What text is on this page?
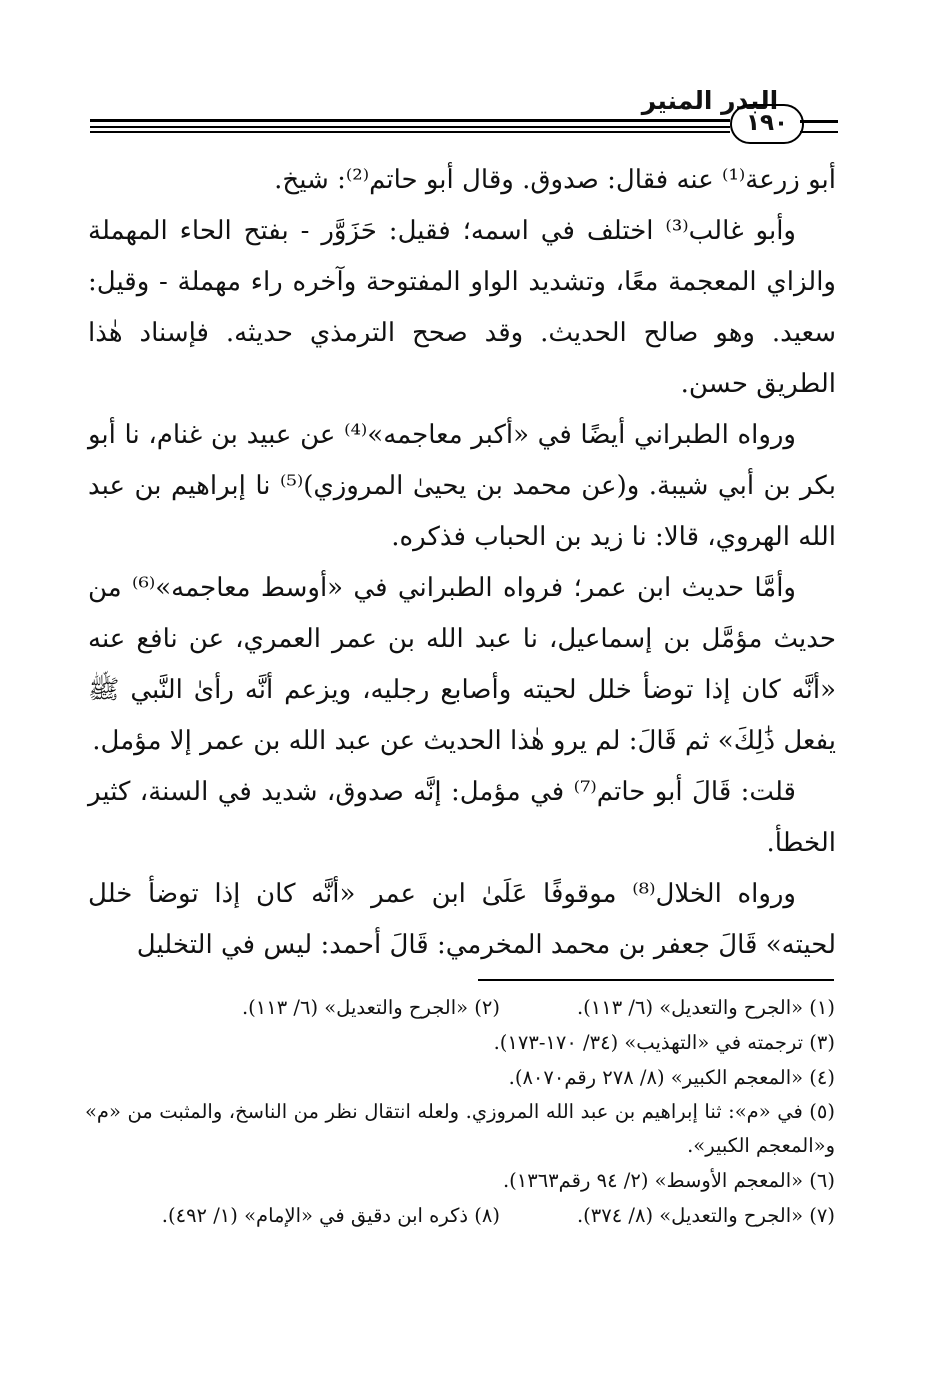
البدر المنير
١٩٠

أبو زرعة⁽¹⁾ عنه فقال: صدوق. وقال أبو حاتم⁽²⁾: شيخ.

وأبو غالب⁽³⁾ اختلف في اسمه؛ فقيل: حَزَوَّر - بفتح الحاء المهملة والزاي المعجمة معًا، وتشديد الواو المفتوحة وآخره راء مهملة - وقيل: سعيد. وهو صالح الحديث. وقد صحح الترمذي حديثه. فإسناد هٰذا الطريق حسن.

ورواه الطبراني أيضًا في «أكبر معاجمه»⁽⁴⁾ عن عبيد بن غنام، نا أبو بكر بن أبي شيبة. و(عن محمد بن يحيىٰ المروزي)⁽⁵⁾ نا إبراهيم بن عبد الله الهروي، قالا: نا زيد بن الحباب فذكره.

وأمَّا حديث ابن عمر؛ فرواه الطبراني في «أوسط معاجمه»⁽⁶⁾ من حديث مؤمَّل بن إسماعيل، نا عبد الله بن عمر العمري، عن نافع عنه «أنَّه كان إذا توضأ خلل لحيته وأصابع رجليه، ويزعم أنَّه رأىٰ النَّبي ﷺ يفعل ذَٰلِكَ» ثم قَالَ: لم يرو هٰذا الحديث عن عبد الله بن عمر إلا مؤمل.

قلت: قَالَ أبو حاتم⁽⁷⁾ في مؤمل: إنَّه صدوق، شديد في السنة، كثير الخطأ.

ورواه الخلال⁽⁸⁾ موقوفًا عَلَىٰ ابن عمر «أنَّه كان إذا توضأ خلل لحيته» قَالَ جعفر بن محمد المخرمي: قَالَ أحمد: ليس في التخليل

(١) «الجرح والتعديل» (٦/ ١١٣).
(٢) «الجرح والتعديل» (٦/ ١١٣).
(٣) ترجمته في «التهذيب» (٣٤/ ١٧٠-١٧٣).
(٤) «المعجم الكبير» (٨/ ٢٧٨ رقم٨٠٧٠).
(٥) في «م»: ثنا إبراهيم بن عبد الله المروزي. ولعله انتقال نظر من الناسخ، والمثبت من «م» و«المعجم الكبير».
(٦) «المعجم الأوسط» (٢/ ٩٤ رقم١٣٦٣).
(٧) «الجرح والتعديل» (٨/ ٣٧٤).
(٨) ذكره ابن دقيق في «الإمام» (١/ ٤٩٢).
